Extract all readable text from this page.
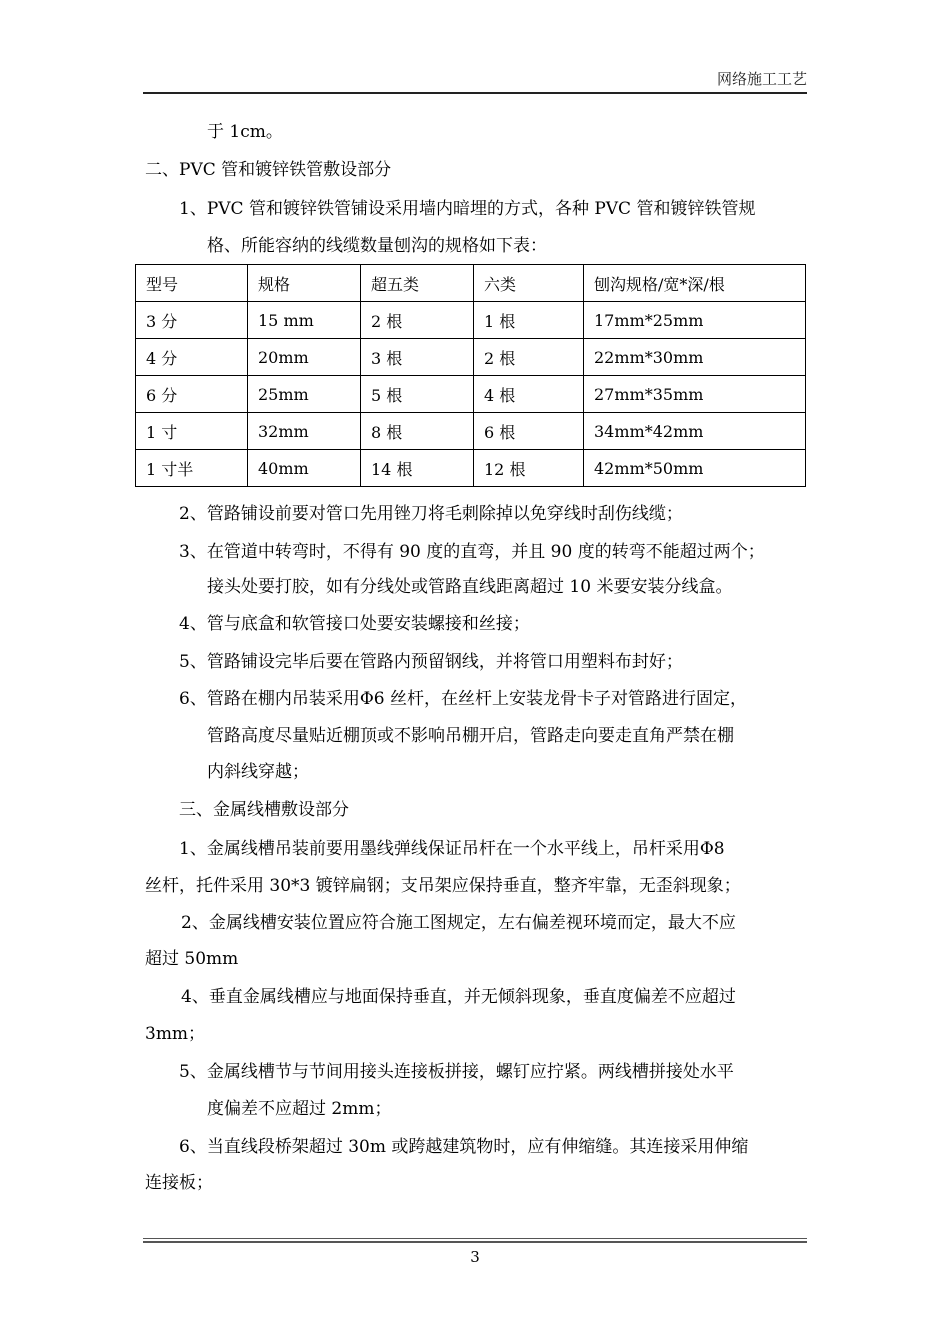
网络施工工艺
于 1cm。
二、PVC 管和镀锌铁管敷设部分
1、PVC 管和镀锌铁管铺设采用墙内暗埋的方式，各种 PVC 管和镀锌铁管规
格、所能容纳的线缆数量刨沟的规格如下表：
型号	规格	超五类	六类	刨沟规格/宽*深/根
3 分	15 mm	2 根	1 根	17mm*25mm
4 分	20mm	3 根	2 根	22mm*30mm
6 分	25mm	5 根	4 根	27mm*35mm
1 寸	32mm	8 根	6 根	34mm*42mm
1 寸半	40mm	14 根	12 根	42mm*50mm
2、管路铺设前要对管口先用锉刀将毛刺除掉以免穿线时刮伤线缆；
3、在管道中转弯时，不得有 90 度的直弯，并且 90 度的转弯不能超过两个；
接头处要打胶，如有分线处或管路直线距离超过 10 米要安装分线盒。
4、管与底盒和软管接口处要安装螺接和丝接；
5、管路铺设完毕后要在管路内预留钢线，并将管口用塑料布封好；
6、管路在棚内吊装采用Φ6 丝杆，在丝杆上安装龙骨卡子对管路进行固定，
管路高度尽量贴近棚顶或不影响吊棚开启，管路走向要走直角严禁在棚
内斜线穿越；
三、金属线槽敷设部分
1、金属线槽吊装前要用墨线弹线保证吊杆在一个水平线上，吊杆采用Φ8
丝杆，托件采用 30*3 镀锌扁钢；支吊架应保持垂直，整齐牢靠，无歪斜现象；
2、金属线槽安装位置应符合施工图规定，左右偏差视环境而定，最大不应
超过 50mm
4、垂直金属线槽应与地面保持垂直，并无倾斜现象，垂直度偏差不应超过
3mm；
5、金属线槽节与节间用接头连接板拼接，螺钉应拧紧。两线槽拼接处水平
度偏差不应超过 2mm；
6、当直线段桥架超过 30m 或跨越建筑物时，应有伸缩缝。其连接采用伸缩
连接板；
3
